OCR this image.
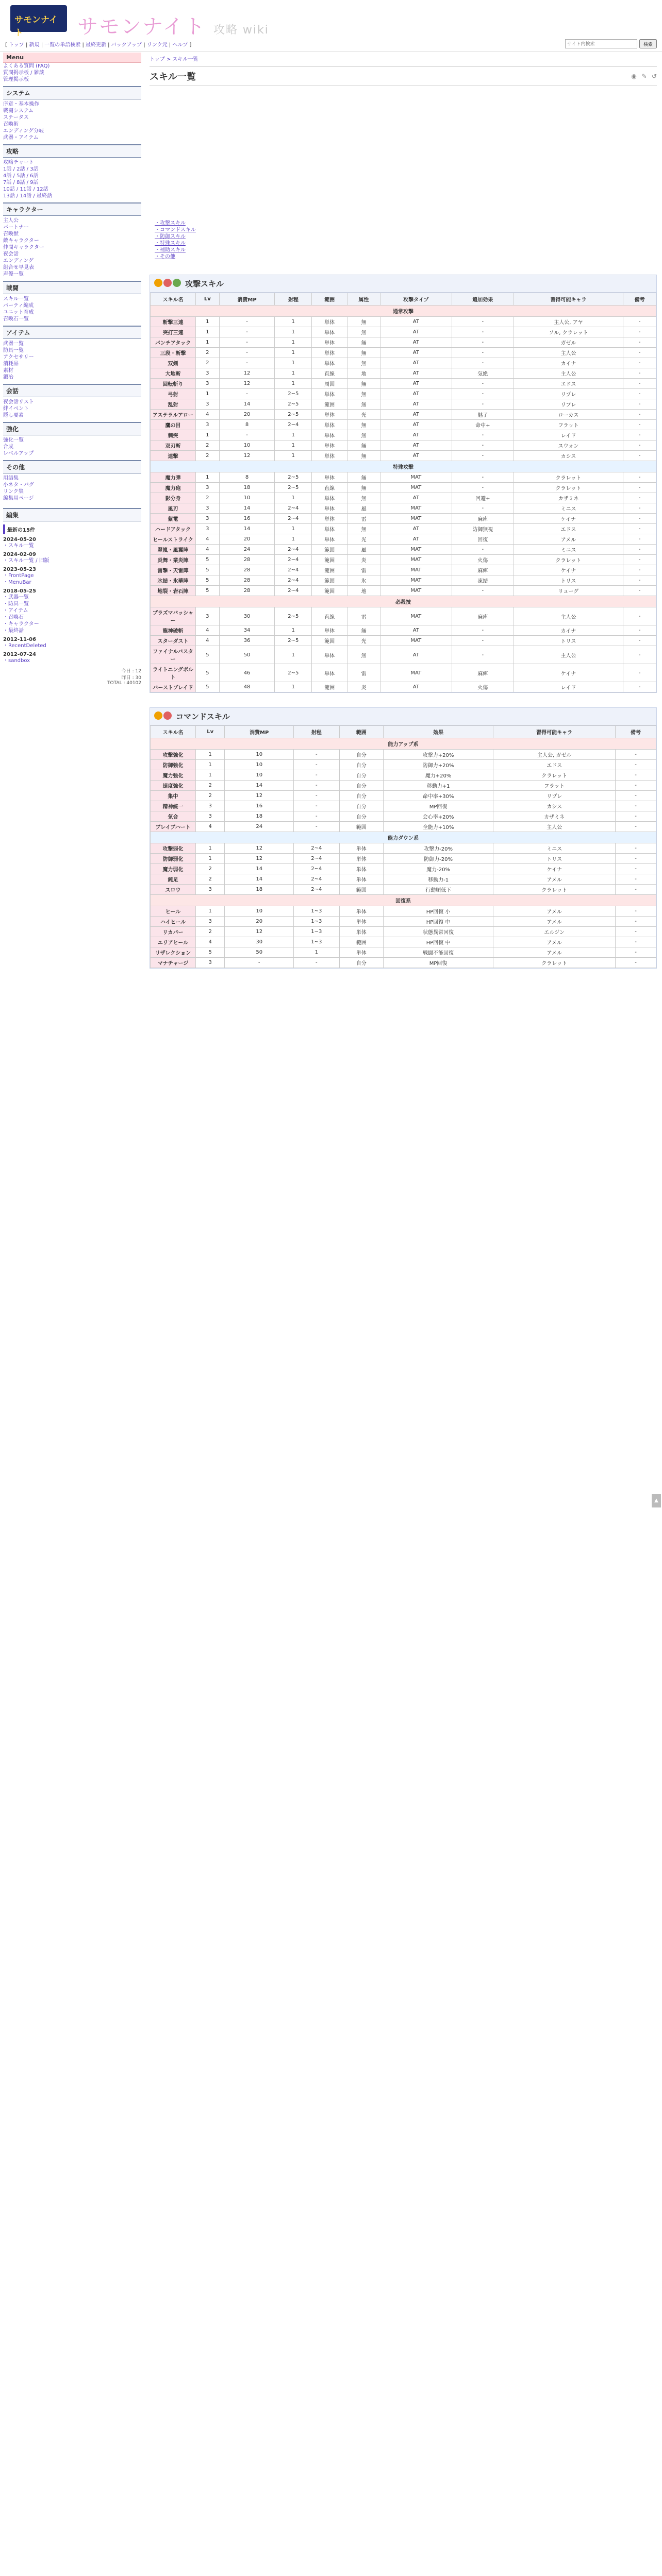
サモンナイト	サモンナイト 攻略 wiki
[ トップ | 新規 | 一覧の単語検索 | 最終更新 | バックアップ | リンク元 | ヘルプ ]
サイト内検索	検索
Menu
よくある質問 (FAQ)
質問掲示板 / 雑談
管理掲示板
システム
序章・基本操作
戦闘システム
ステータス
召喚術
エンディング分岐
武器・アイテム
攻略
攻略チャート
1話 / 2話 / 3話
4話 / 5話 / 6話
7話 / 8話 / 9話
10話 / 11話 / 12話
13話 / 14話 / 最終話
キャラクター
主人公
パートナー
召喚獣
敵キャラクター
仲間キャラクター
夜会話
エンディング
組合せ早見表
声優一覧
戦闘
スキル一覧
パーティ編成
ユニット育成
召喚石一覧
アイテム
武器一覧
防具一覧
アクセサリー
消耗品
素材
鍛冶
会話
夜会話リスト
絆イベント
隠し要素
強化
強化一覧
合成
レベルアップ
その他
用語集
小ネタ・バグ
リンク集
編集用ページ
編集
最新の15件
2024-05-20
・スキル一覧
2024-02-09
・スキル一覧 / 旧版
2023-05-23
・FrontPage
・MenuBar
2018-05-25
・武器一覧
・防具一覧
・アイテム
・召喚石
・キャラクター
・最終話
2012-11-06
・RecentDeleted
2012-07-24
・sandbox
今日 : 12
昨日 : 30
TOTAL : 40102
トップ > スキル一覧
スキル一覧	◉ ✎ ↺
・攻撃スキル
・コマンドスキル
・防御スキル
・特殊スキル
・補助スキル
・その他
攻撃スキル
スキル名	Lv	消費MP	射程	範囲	属性	攻撃タイプ	追加効果	習得可能キャラ	備考
通常攻撃									
斬撃三連	1	-	1	単体	無	AT	-	主人公, アヤ	-
突打三連	1	-	1	単体	無	AT	-	ソル, クラレット	-
パンチアタック	1	-	1	単体	無	AT	-	ガゼル	-
三段・斬撃	2	-	1	単体	無	AT	-	主人公	-
双剣	2	-	1	単体	無	AT	-	カイナ	-
大地斬	3	12	1	直線	地	AT	気絶	主人公	-
回転斬り	3	12	1	周囲	無	AT	-	エドス	-
弓射	1	-	2~5	単体	無	AT	-	リプレ	-
乱射	3	14	2~5	範囲	無	AT	-	リプレ	-
アステラルアロー	4	20	2~5	単体	光	AT	魅了	ローカス	-
鷹の目	3	8	2~4	単体	無	AT	命中+	フラット	-
刺突	1	-	1	単体	無	AT	-	レイド	-
双刃斬	2	10	1	単体	無	AT	-	スウォン	-
連撃	2	12	1	単体	無	AT	-	カシス	-
特殊攻撃									
魔力弾	1	8	2~5	単体	無	MAT	-	クラレット	-
魔力砲	3	18	2~5	直線	無	MAT	-	クラレット	-
影分身	2	10	1	単体	無	AT	回避+	カザミネ	-
風刃	3	14	2~4	単体	風	MAT	-	ミニス	-
紫電	3	16	2~4	単体	雷	MAT	麻痺	ケイナ	-
ハードアタック	3	14	1	単体	無	AT	防御無視	エドス	-
ヒールストライク	4	20	1	単体	光	AT	回復	アメル	-
翠嵐・風翼陣	4	24	2~4	範囲	風	MAT	-	ミニス	-
炎舞・業炎陣	5	28	2~4	範囲	炎	MAT	火傷	クラレット	-
雷撃・天雷陣	5	28	2~4	範囲	雷	MAT	麻痺	ケイナ	-
氷結・氷華陣	5	28	2~4	範囲	氷	MAT	凍結	トリス	-
地裂・岩石陣	5	28	2~4	範囲	地	MAT	-	リューグ	-
必殺技									
プラズマバッシャー	3	30	2~5	直線	雷	MAT	麻痺	主人公	-
龍神破斬	4	34	1	単体	無	AT	-	カイナ	-
スターダスト	4	36	2~5	範囲	光	MAT	-	トリス	-
ファイナルバスター	5	50	1	単体	無	AT	-	主人公	-
ライトニングボルト	5	46	2~5	単体	雷	MAT	麻痺	ケイナ	-
バーストブレイド	5	48	1	範囲	炎	AT	火傷	レイド	-
コマンドスキル
スキル名	Lv	消費MP	射程	範囲	効果	習得可能キャラ	備考
能力アップ系							
攻撃強化	1	10	-	自分	攻撃力+20%	主人公, ガゼル	-
防御強化	1	10	-	自分	防御力+20%	エドス	-
魔力強化	1	10	-	自分	魔力+20%	クラレット	-
速度強化	2	14	-	自分	移動力+1	フラット	-
集中	2	12	-	自分	命中率+30%	リプレ	-
精神統一	3	16	-	自分	MP回復	カシス	-
気合	3	18	-	自分	会心率+20%	カザミネ	-
ブレイブハート	4	24	-	範囲	全能力+10%	主人公	-
能力ダウン系							
攻撃弱化	1	12	2~4	単体	攻撃力-20%	ミニス	-
防御弱化	1	12	2~4	単体	防御力-20%	トリス	-
魔力弱化	2	14	2~4	単体	魔力-20%	ケイナ	-
鈍足	2	14	2~4	単体	移動力-1	アメル	-
スロウ	3	18	2~4	範囲	行動順低下	クラレット	-
回復系							
ヒール	1	10	1~3	単体	HP回復 小	アメル	-
ハイヒール	3	20	1~3	単体	HP回復 中	アメル	-
リカバー	2	12	1~3	単体	状態異常回復	エルジン	-
エリアヒール	4	30	1~3	範囲	HP回復 中	アメル	-
リザレクション	5	50	1	単体	戦闘不能回復	アメル	-
マナチャージ	3	-	-	自分	MP回復	クラレット	-
▲
